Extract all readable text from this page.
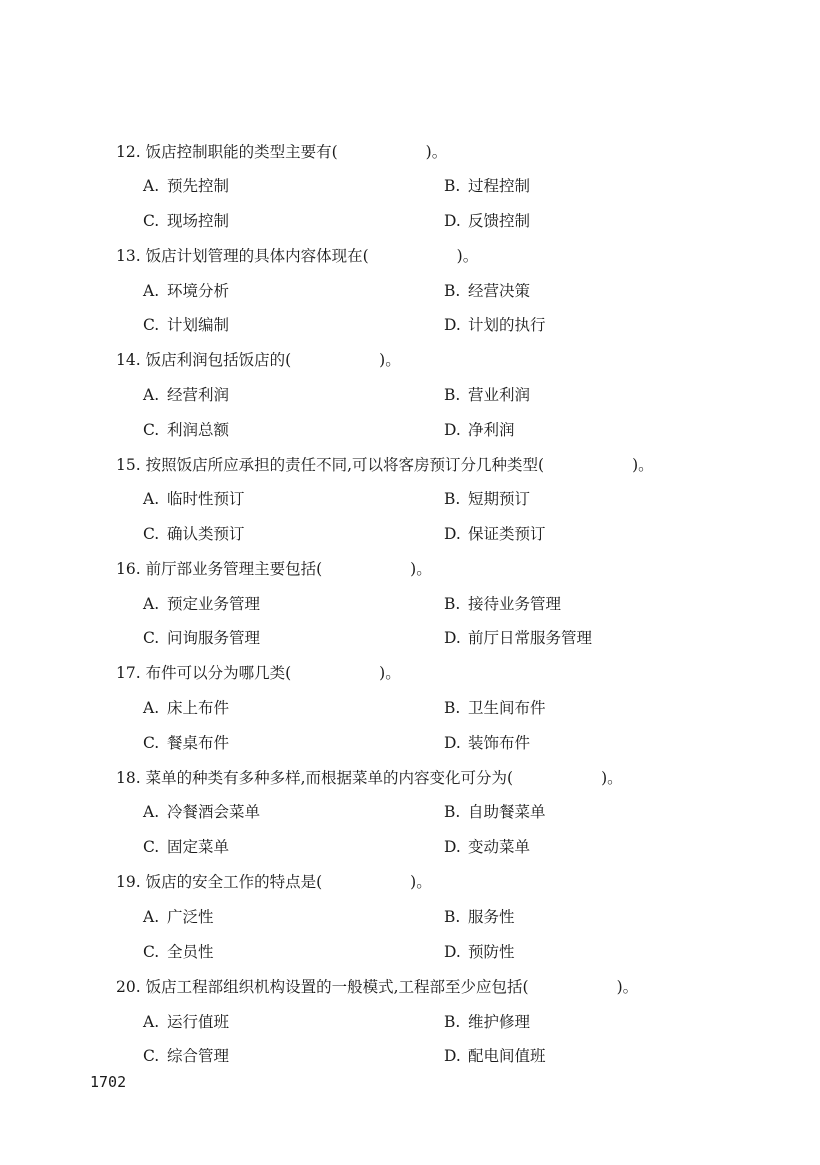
12. 饭店控制职能的类型主要有(	)。
A. 预先控制	B. 过程控制
C. 现场控制	D. 反馈控制
13. 饭店计划管理的具体内容体现在(	)。
A. 环境分析	B. 经营决策
C. 计划编制	D. 计划的执行
14. 饭店利润包括饭店的(	)。
A. 经营利润	B. 营业利润
C. 利润总额	D. 净利润
15. 按照饭店所应承担的责任不同,可以将客房预订分几种类型(	)。
A. 临时性预订	B. 短期预订
C. 确认类预订	D. 保证类预订
16. 前厅部业务管理主要包括(	)。
A. 预定业务管理	B. 接待业务管理
C. 问询服务管理	D. 前厅日常服务管理
17. 布件可以分为哪几类(	)。
A. 床上布件	B. 卫生间布件
C. 餐桌布件	D. 装饰布件
18. 菜单的种类有多种多样,而根据菜单的内容变化可分为(	)。
A. 冷餐酒会菜单	B. 自助餐菜单
C. 固定菜单	D. 变动菜单
19. 饭店的安全工作的特点是(	)。
A. 广泛性	B. 服务性
C. 全员性	D. 预防性
20. 饭店工程部组织机构设置的一般模式,工程部至少应包括(	)。
A. 运行值班	B. 维护修理
C. 综合管理	D. 配电间值班
1702
